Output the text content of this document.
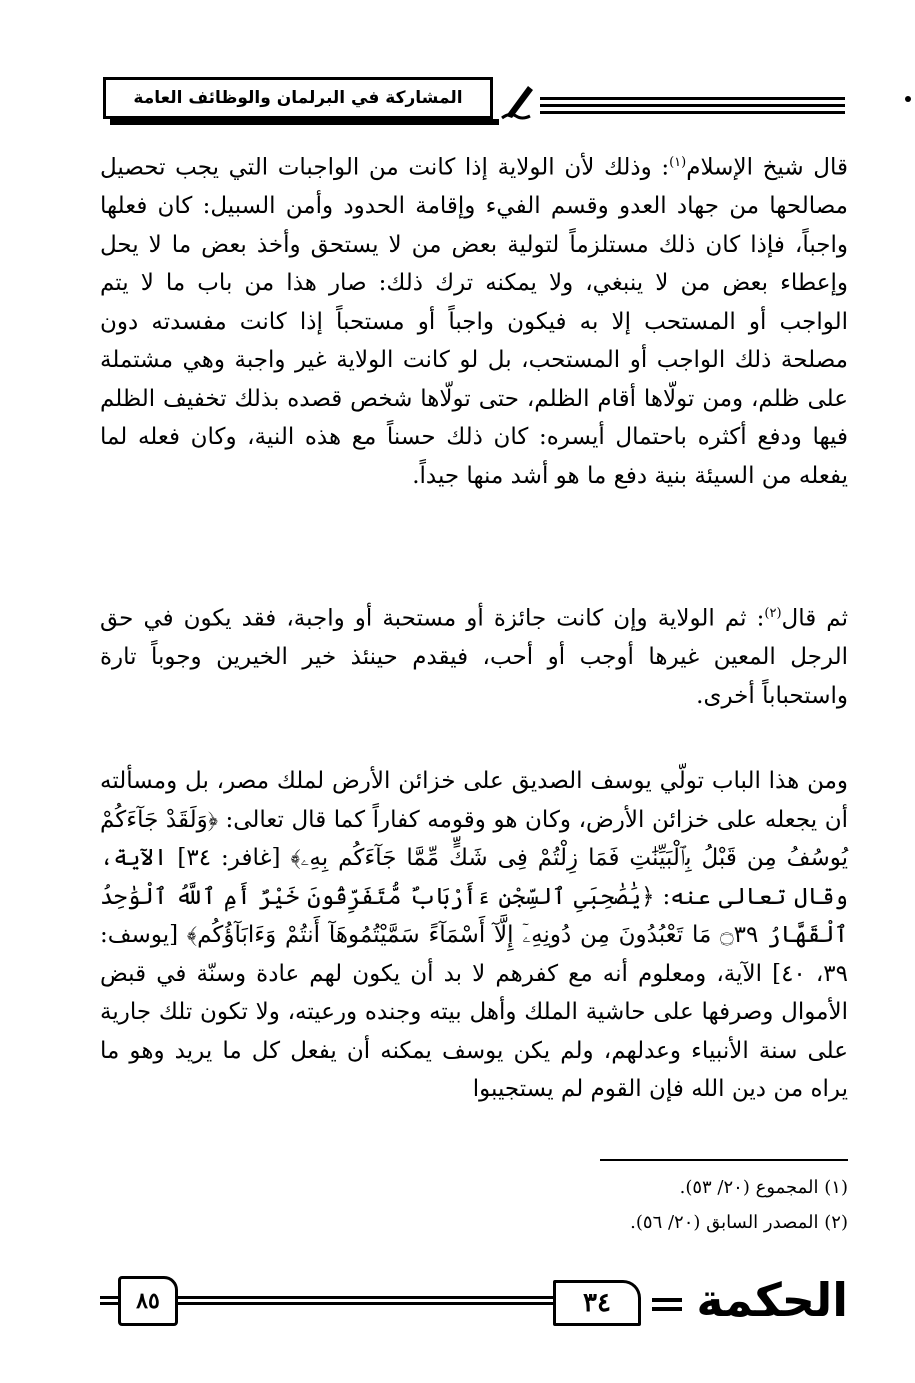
المشاركة في البرلمان والوظائف العامة
قال شيخ الإسلام$^{(١)}$: وذلك لأن الولاية إذا كانت من الواجبات التي يجب تحصيل مصالحها من جهاد العدو وقسم الفيء وإقامة الحدود وأمن السبيل: كان فعلها واجباً، فإذا كان ذلك مستلزماً لتولية بعض من لا يستحق وأخذ بعض ما لا يحل وإعطاء بعض من لا ينبغي، ولا يمكنه ترك ذلك: صار هذا من باب ما لا يتم الواجب أو المستحب إلا به فيكون واجباً أو مستحباً إذا كانت مفسدته دون مصلحة ذلك الواجب أو المستحب، بل لو كانت الولاية غير واجبة وهي مشتملة على ظلم، ومن تولّاها أقام الظلم، حتى تولّاها شخص قصده بذلك تخفيف الظلم فيها ودفع أكثره باحتمال أيسره: كان ذلك حسناً مع هذه النية، وكان فعله لما يفعله من السيئة بنية دفع ما هو أشد منها جيداً.
ثم قال$^{(٢)}$: ثم الولاية وإن كانت جائزة أو مستحبة أو واجبة، فقد يكون في حق الرجل المعين غيرها أوجب أو أحب، فيقدم حينئذ خير الخيرين وجوباً تارة واستحباباً أخرى.
ومن هذا الباب تولّي يوسف الصديق على خزائن الأرض لملك مصر، بل ومسألته أن يجعله على خزائن الأرض، وكان هو وقومه كفاراً كما قال تعالى: ﴿وَلَقَدْ جَآءَكُمْ يُوسُفُ مِن قَبْلُ بِٱلْبَيِّنَٰتِ فَمَا زِلْتُمْ فِى شَكٍّ مِّمَّا جَآءَكُم بِهِۦ﴾ [غافر: ٣٤] الآية، وقال تعالى عنه: ﴿يَٰصَٰحِبَىِ ٱلسِّجْنِ ءَأَرْبَابٌ مُّتَفَرِّقُونَ خَيْرٌ أَمِ ٱللَّهُ ٱلْوَٰحِدُ ٱلْقَهَّارُ ۝٣٩ مَا تَعْبُدُونَ مِن دُونِهِۦٓ إِلَّآ أَسْمَآءً سَمَّيْتُمُوهَآ أَنتُمْ وَءَابَآؤُكُم﴾ [يوسف: ٣٩، ٤٠] الآية، ومعلوم أنه مع كفرهم لا بد أن يكون لهم عادة وسنّة في قبض الأموال وصرفها على حاشية الملك وأهل بيته وجنده ورعيته، ولا تكون تلك جارية على سنة الأنبياء وعدلهم، ولم يكن يوسف يمكنه أن يفعل كل ما يريد وهو ما يراه من دين الله فإن القوم لم يستجيبوا
(١) المجموع (٢٠/ ٥٣).
(٢) المصدر السابق (٢٠/ ٥٦).
٨٥	٣٤	الحكمة
